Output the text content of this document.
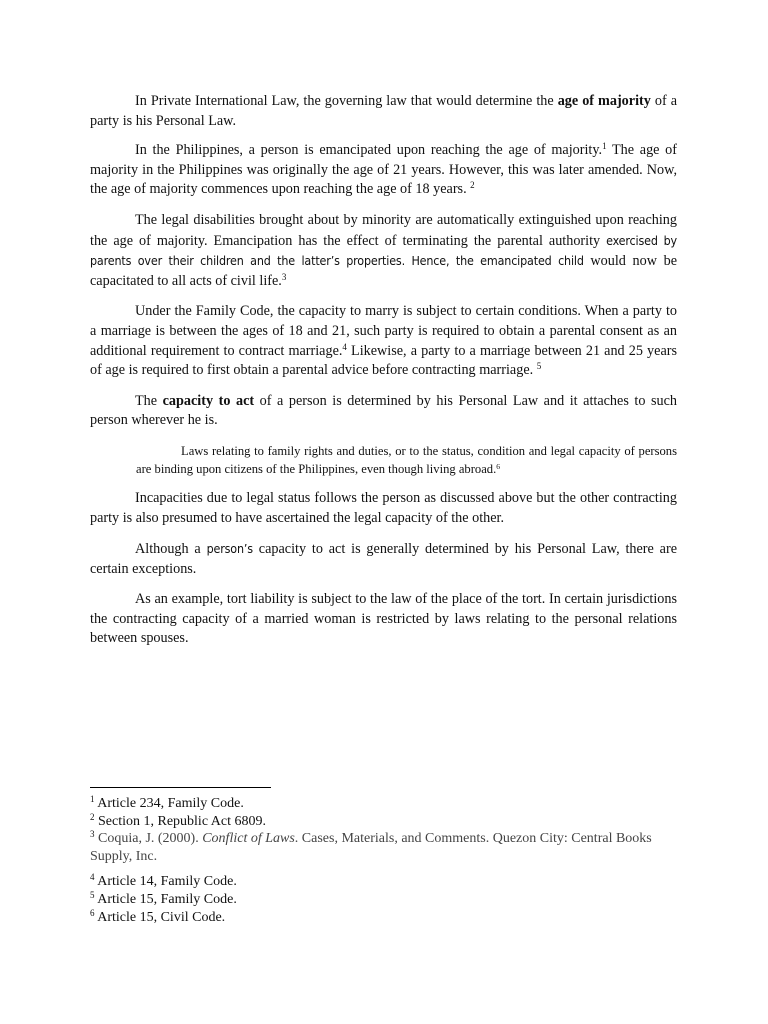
In Private International Law, the governing law that would determine the age of majority of a party is his Personal Law.

In the Philippines, a person is emancipated upon reaching the age of majority.$^1$ The age of majority in the Philippines was originally the age of 21 years. However, this was later amended. Now, the age of majority commences upon reaching the age of 18 years. $^2$

The legal disabilities brought about by minority are automatically extinguished upon reaching the age of majority. Emancipation has the effect of terminating the parental authority exercised by parents over their children and the latter’s properties. Hence, the emancipated child would now be capacitated to all acts of civil life.$^3$

Under the Family Code, the capacity to marry is subject to certain conditions. When a party to a marriage is between the ages of 18 and 21, such party is required to obtain a parental consent as an additional requirement to contract marriage.$^4$ Likewise, a party to a marriage between 21 and 25 years of age is required to first obtain a parental advice before contracting marriage. $^5$

The capacity to act of a person is determined by his Personal Law and it attaches to such person wherever he is.

Laws relating to family rights and duties, or to the status, condition and legal capacity of persons are binding upon citizens of the Philippines, even though living abroad.$^6$

Incapacities due to legal status follows the person as discussed above but the other contracting party is also presumed to have ascertained the legal capacity of the other.

Although a person’s capacity to act is generally determined by his Personal Law, there are certain exceptions.

As an example, tort liability is subject to the law of the place of the tort. In certain jurisdictions the contracting capacity of a married woman is restricted by laws relating to the personal relations between spouses.

$^1$ Article 234, Family Code.

$^2$ Section 1, Republic Act 6809.

$^3$ Coquia, J. (2000). Conflict of Laws. Cases, Materials, and Comments. Quezon City: Central Books Supply, Inc.

$^4$ Article 14, Family Code.

$^5$ Article 15, Family Code.

$^6$ Article 15, Civil Code.
